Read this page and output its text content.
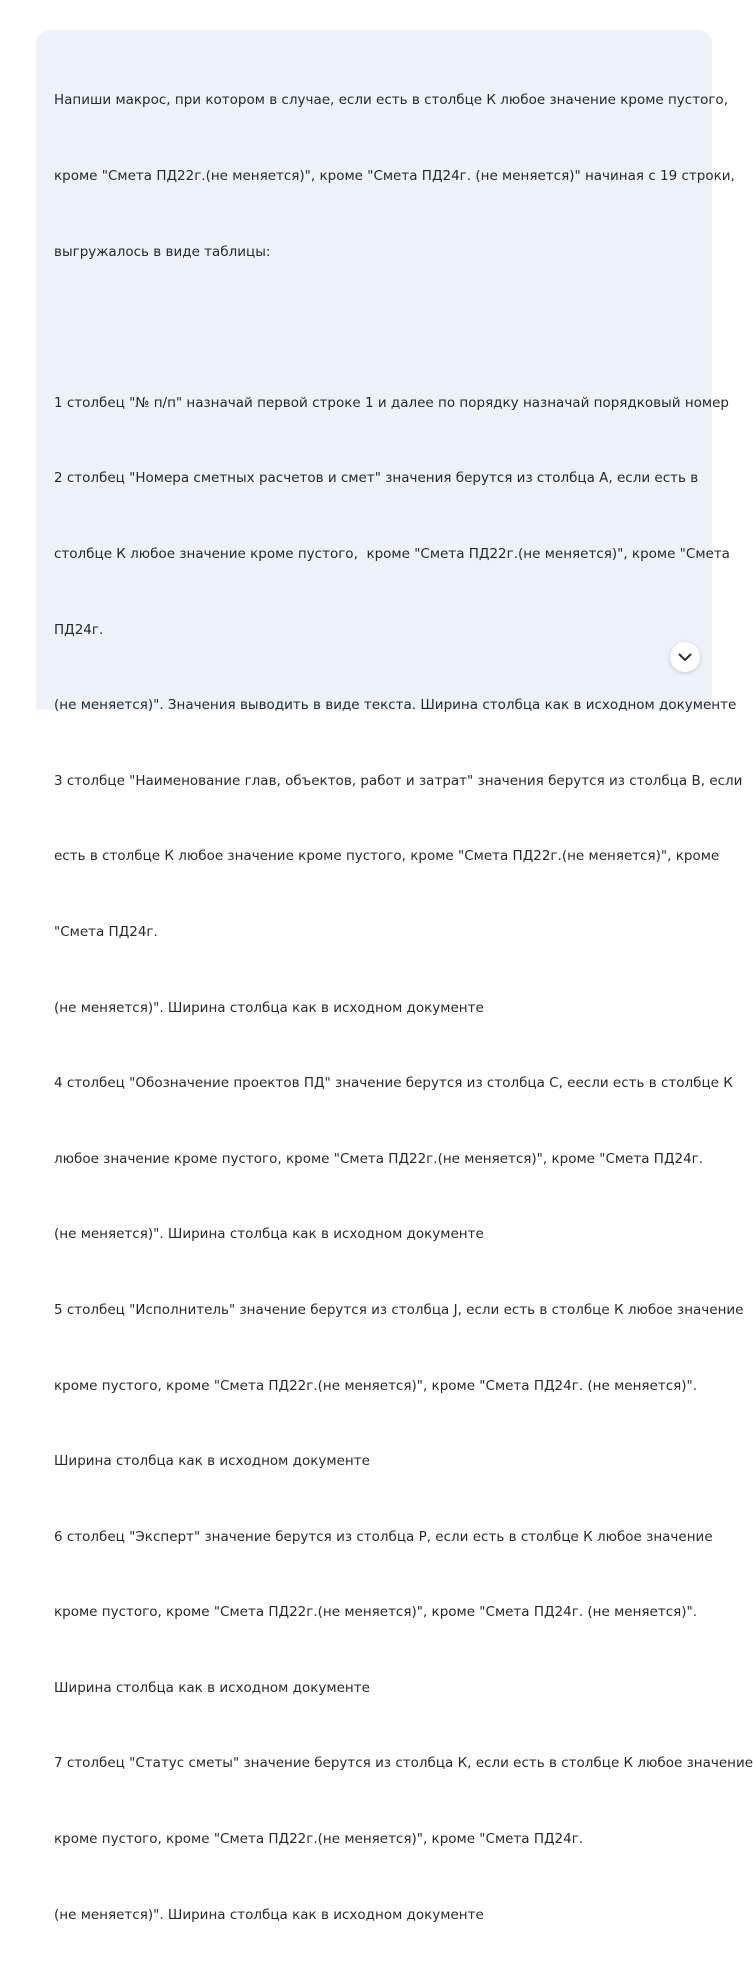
Напиши макрос, при котором в случае, если есть в столбце К любое значение кроме пустого,

кроме "Смета ПД22г.(не меняется)", кроме "Смета ПД24г. (не меняется)" начиная с 19 строки,

выгружалось в виде таблицы:

1 столбец "№ п/п" назначай первой строке 1 и далее по порядку назначай порядковый номер

2 столбец "Номера сметных расчетов и смет" значения берутся из столбца А, если есть в

столбце К любое значение кроме пустого,  кроме "Смета ПД22г.(не меняется)", кроме "Смета

ПД24г.

(не меняется)". Значения выводить в виде текста. Ширина столбца как в исходном документе

3 столбце "Наименование глав, объектов, работ и затрат" значения берутся из столбца В, если

есть в столбце К любое значение кроме пустого, кроме "Смета ПД22г.(не меняется)", кроме

"Смета ПД24г.

(не меняется)". Ширина столбца как в исходном документе

4 столбец "Обозначение проектов ПД" значение берутся из столбца С, еесли есть в столбце К

любое значение кроме пустого, кроме "Смета ПД22г.(не меняется)", кроме "Смета ПД24г.

(не меняется)". Ширина столбца как в исходном документе

5 столбец "Исполнитель" значение берутся из столбца J, если есть в столбце К любое значение

кроме пустого, кроме "Смета ПД22г.(не меняется)", кроме "Смета ПД24г. (не меняется)".

Ширина столбца как в исходном документе

6 столбец "Эксперт" значение берутся из столбца Р, если есть в столбце К любое значение

кроме пустого, кроме "Смета ПД22г.(не меняется)", кроме "Смета ПД24г. (не меняется)".

Ширина столбца как в исходном документе

7 столбец "Статус сметы" значение берутся из столбца К, если есть в столбце К любое значение

кроме пустого, кроме "Смета ПД22г.(не меняется)", кроме "Смета ПД24г.

(не меняется)". Ширина столбца как в исходном документе
